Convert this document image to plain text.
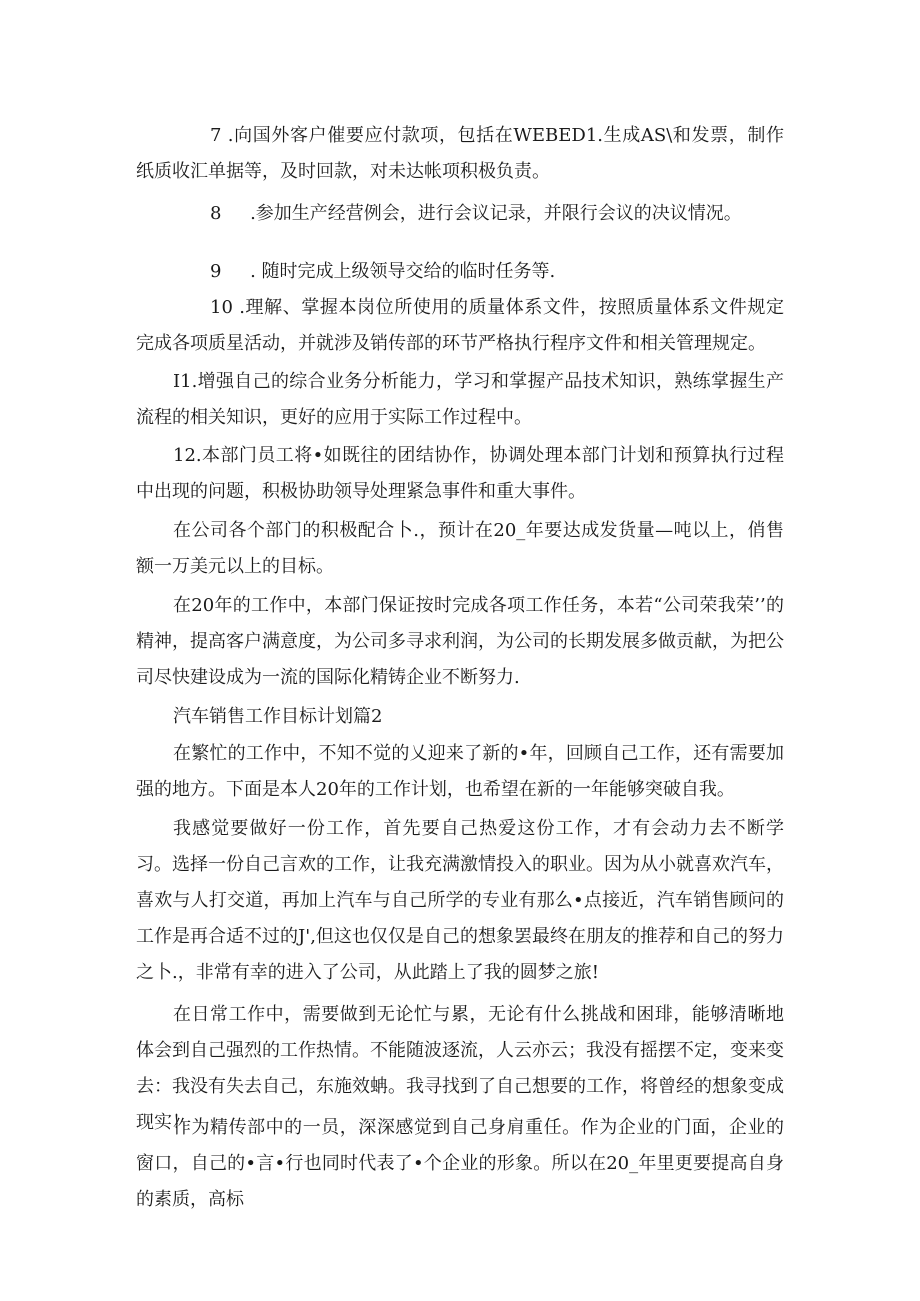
7 .向国外客户催要应付款项，包括在WEBED1.生成AS\和发票，制作纸质收汇单据等，及时回款，对未达帐项积极负责。

8 .参加生产经营例会，进行会议记录，并限行会议的决议情况。

9 . 随时完成上级领导交给的临时任务等.

10 .理解、掌握本岗位所使用的质量体系文件，按照质量体系文件规定完成各项质星活动，并就涉及销传部的环节严格执行程序文件和相关管理规定。

I1.增强自己的综合业务分析能力，学习和掌握产品技术知识，熟练掌握生产流程的相关知识，更好的应用于实际工作过程中。

12.本部门员工将•如既往的团结协作，协调处理本部门计划和预算执行过程中出现的问题，积极协助领导处理紧急事件和重大事件。

在公司各个部门的积极配合卜.，预计在20_年要达成发货量—吨以上，俏售额一万美元以上的目标。

在20年的工作中，本部门保证按时完成各项工作任务，本若“公司荣我荣’’的精神，提高客户满意度，为公司多寻求利润，为公司的长期发展多做贡献，为把公司尽快建设成为一流的国际化精铸企业不断努力.

汽车销售工作目标计划篇2

在繁忙的工作中，不知不觉的乂迎来了新的•年，回顾自己工作，还有需要加强的地方。下面是本人20年的工作计划，也希望在新的一年能够突破自我。

我感觉要做好一份工作，首先要自己热爱这份工作，才有会动力去不断学习。选择一份自己言欢的工作，让我充满激情投入的职业。因为从小就喜欢汽车，喜欢与人打交道，再加上汽车与自己所学的专业有那么•点接近，汽车销售顾问的工作是再合适不过的J',但这也仅仅是自己的想象罢最终在朋友的推荐和自己的努力之卜.，非常有幸的进入了公司，从此踏上了我的圆梦之旅!

在日常工作中，需要做到无论忙与累，无论有什么挑战和困琲，能够清晰地体会到自己强烈的工作热情。不能随波逐流，人云亦云；我没有摇摆不定，变来变去：我没有失去自己，东施效蚺。我寻找到了自己想要的工作，将曾经的想象变成现实！

作为精传部中的一员，深深感觉到自己身肩重任。作为企业的门面，企业的窗口，自己的•言•行也同时代表了•个企业的形象。所以在20_年里更要提高自身的素质，高标
